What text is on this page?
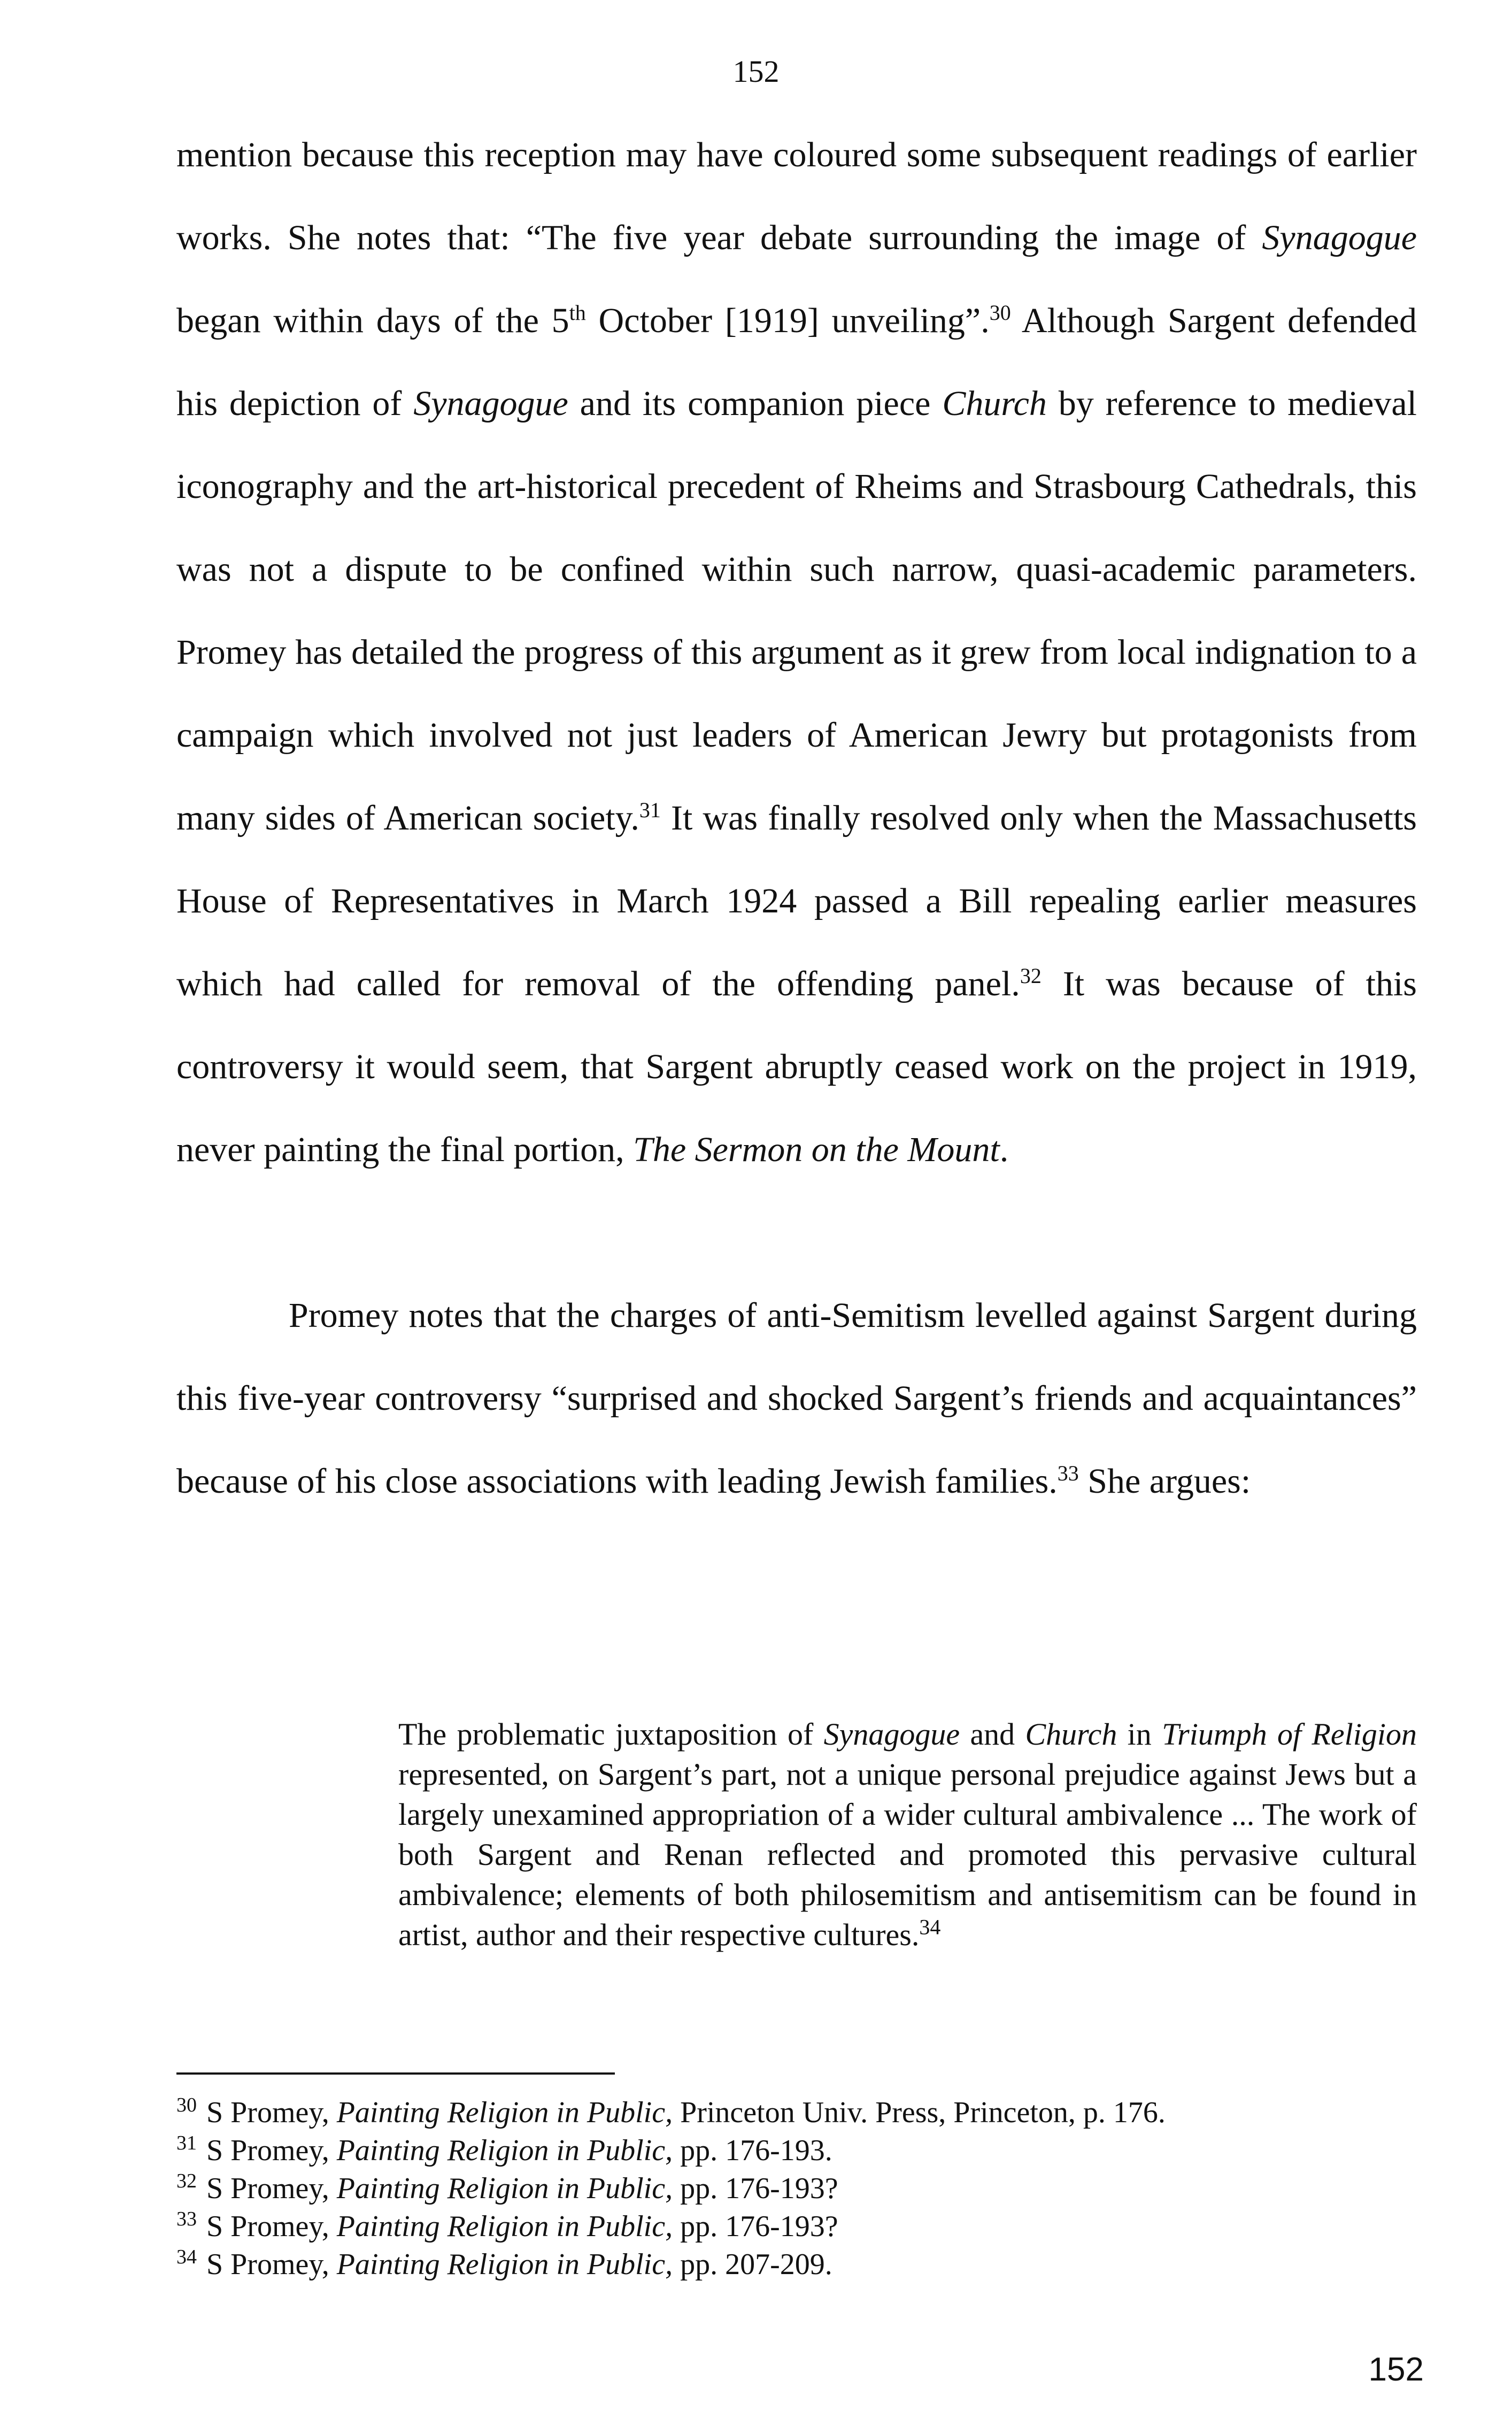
152

mention because this reception may have coloured some subsequent readings of earlier works. She notes that: “The five year debate surrounding the image of Synagogue began within days of the 5th October [1919] unveiling”.$^{30}$ Although Sargent defended his depiction of Synagogue and its companion piece Church by reference to medieval iconography and the art-historical precedent of Rheims and Strasbourg Cathedrals, this was not a dispute to be confined within such narrow, quasi-academic parameters. Promey has detailed the progress of this argument as it grew from local indignation to a campaign which involved not just leaders of American Jewry but protagonists from many sides of American society.$^{31}$ It was finally resolved only when the Massachusetts House of Representatives in March 1924 passed a Bill repealing earlier measures which had called for removal of the offending panel.$^{32}$ It was because of this controversy it would seem, that Sargent abruptly ceased work on the project in 1919, never painting the final portion, The Sermon on the Mount.

Promey notes that the charges of anti-Semitism levelled against Sargent during this five-year controversy “surprised and shocked Sargent’s friends and acquaintances” because of his close associations with leading Jewish families.$^{33}$ She argues:

The problematic juxtaposition of Synagogue and Church in Triumph of Religion represented, on Sargent’s part, not a unique personal prejudice against Jews but a largely unexamined appropriation of a wider cultural ambivalence ... The work of both Sargent and Renan reflected and promoted this pervasive cultural ambivalence; elements of both philosemitism and antisemitism can be found in artist, author and their respective cultures.$^{34}$

$^{30}$ S Promey, Painting Religion in Public, Princeton Univ. Press, Princeton, p. 176.
$^{31}$ S Promey, Painting Religion in Public, pp. 176-193.
$^{32}$ S Promey, Painting Religion in Public, pp. 176-193?
$^{33}$ S Promey, Painting Religion in Public, pp. 176-193?
$^{34}$ S Promey, Painting Religion in Public, pp. 207-209.
152
